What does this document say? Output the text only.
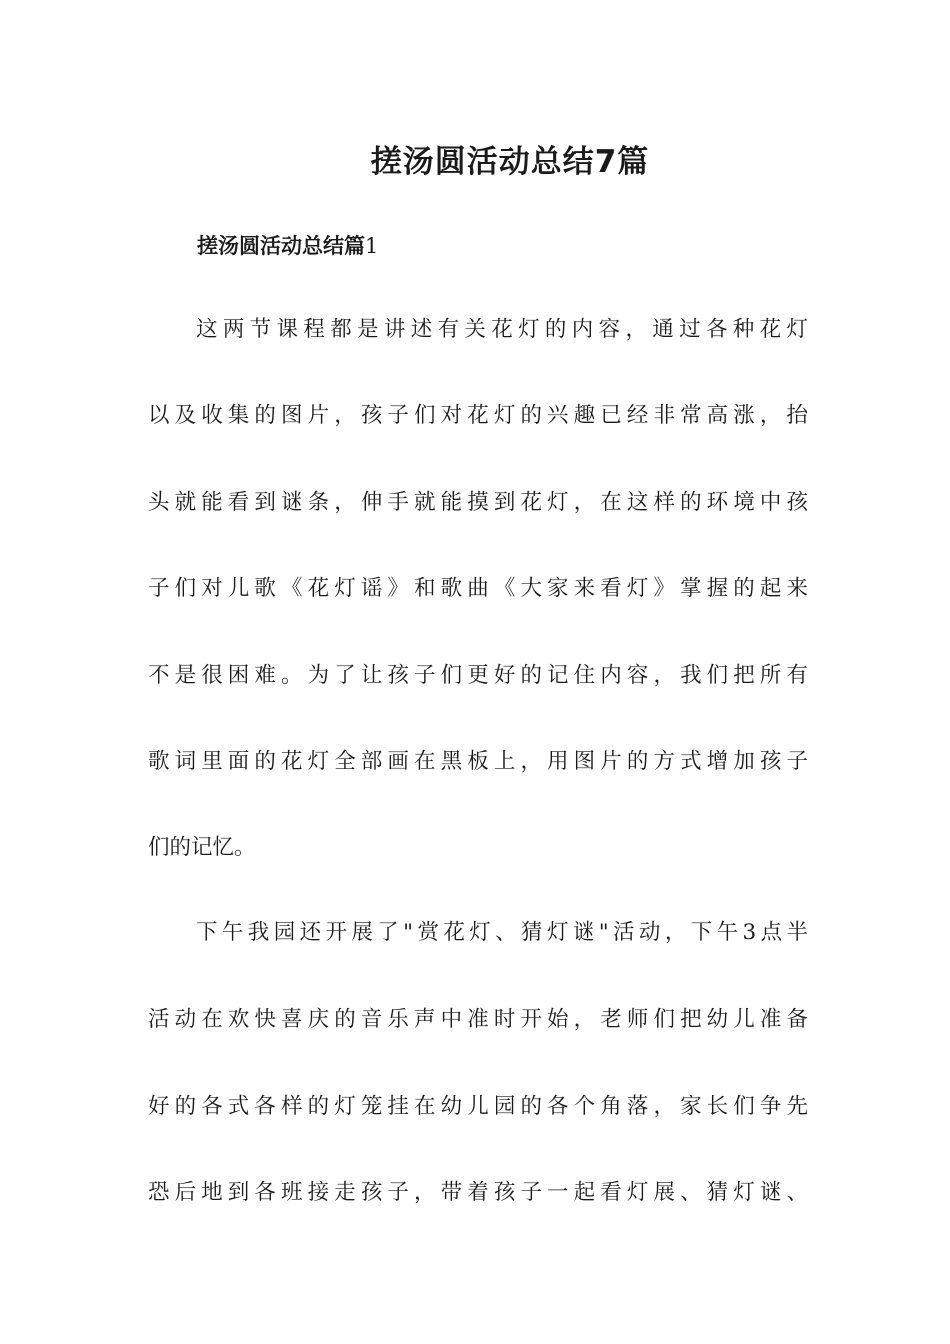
搓汤圆活动总结7篇
搓汤圆活动总结篇1

这两节课程都是讲述有关花灯的内容，通过各种花灯

以及收集的图片，孩子们对花灯的兴趣已经非常高涨，抬

头就能看到谜条，伸手就能摸到花灯，在这样的环境中孩

子们对儿歌《花灯谣》和歌曲《大家来看灯》掌握的起来

不是很困难。为了让孩子们更好的记住内容，我们把所有

歌词里面的花灯全部画在黑板上，用图片的方式增加孩子

们的记忆。

下午我园还开展了"赏花灯、猜灯谜"活动，下午3点半

活动在欢快喜庆的音乐声中准时开始，老师们把幼儿准备

好的各式各样的灯笼挂在幼儿园的各个角落，家长们争先

恐后地到各班接走孩子，带着孩子一起看灯展、猜灯谜、
